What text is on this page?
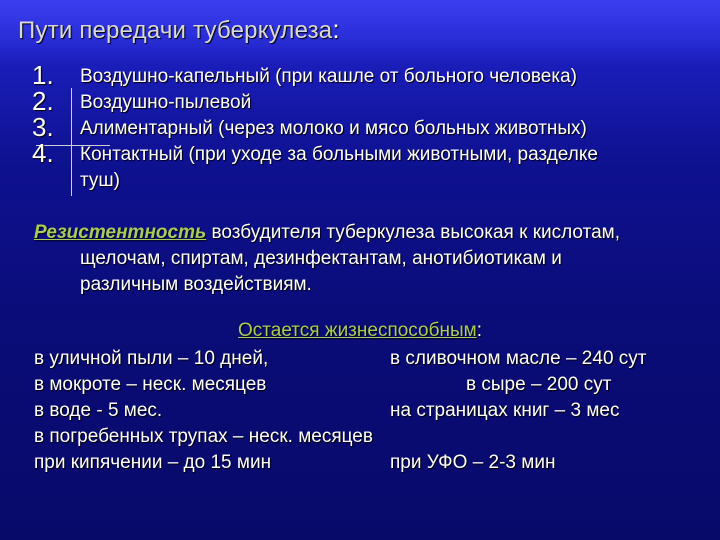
Пути передачи туберкулеза:
1. Воздушно-капельный (при кашле от больного человека)
2. Воздушно-пылевой
3. Алиментарный (через молоко и мясо больных животных)
4. Контактный (при уходе за больными животными, разделке
туш)
Резистентность возбудителя туберкулеза высокая к кислотам,
щелочам, спиртам, дезинфектантам, анотибиотикам и
различным воздействиям.
Остается жизнеспособным:
в уличной пыли – 10 дней,	в сливочном масле – 240 сут
в мокроте – неск. месяцев	в сыре – 200 сут
в воде - 5 мес.	на страницах книг – 3 мес
в погребенных трупах – неск. месяцев
при кипячении – до 15 мин	при УФО – 2-3 мин
